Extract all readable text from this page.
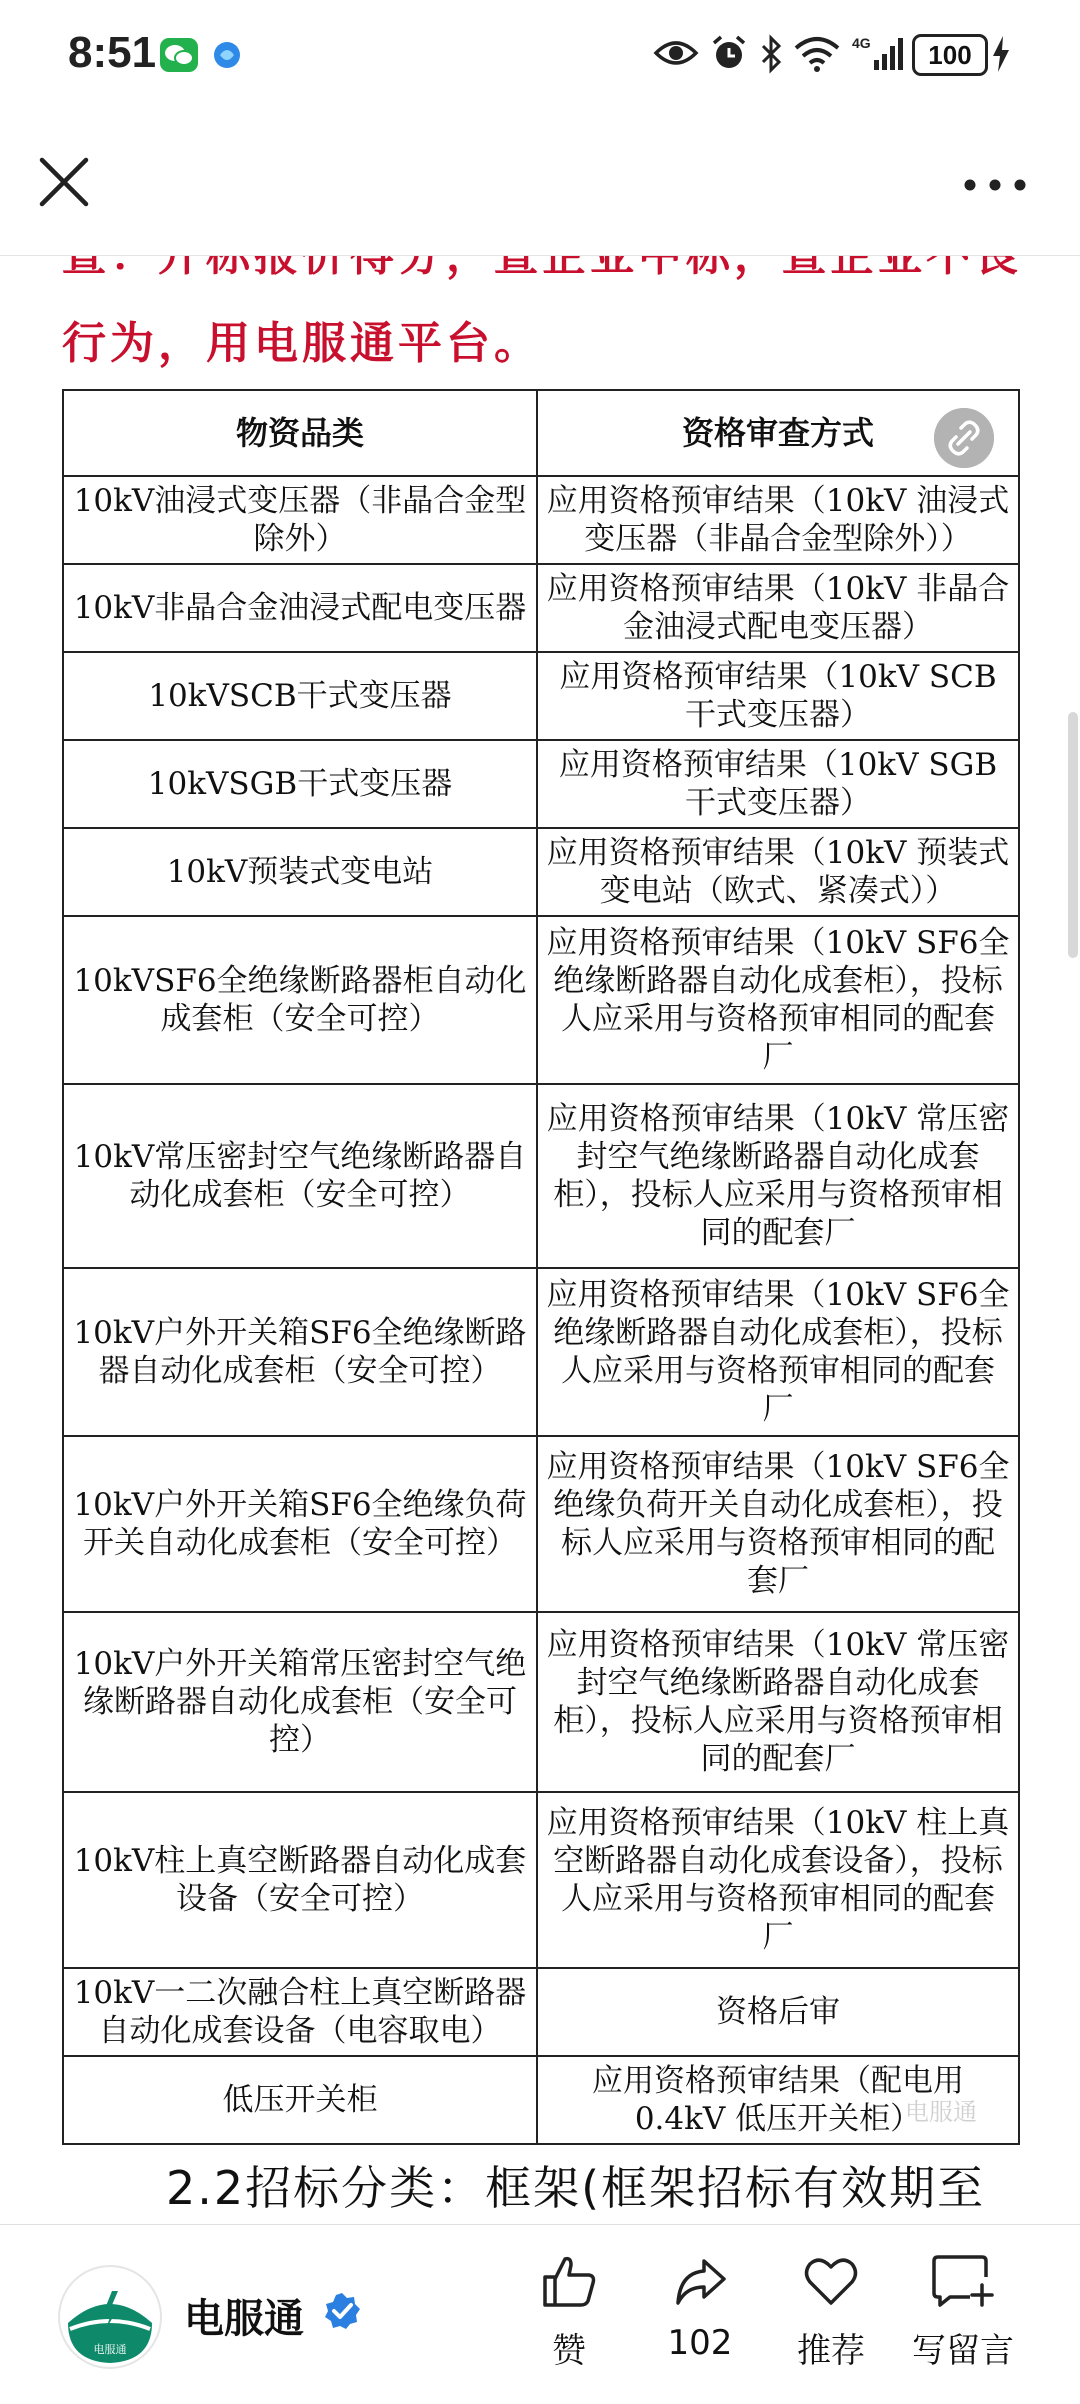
8:51	4G	100
行为，用电服通平台。
物资品类	资格审查方式
10kV油浸式变压器（非晶合金型除外）	应用资格预审结果（10kV 油浸式变压器（非晶合金型除外））
10kV非晶合金油浸式配电变压器	应用资格预审结果（10kV 非晶合金油浸式配电变压器）
10kVSCB干式变压器	应用资格预审结果（10kV SCB干式变压器）
10kVSGB干式变压器	应用资格预审结果（10kV SGB干式变压器）
10kV预装式变电站	应用资格预审结果（10kV 预装式变电站（欧式、紧凑式））
10kVSF6全绝缘断路器柜自动化成套柜（安全可控）	应用资格预审结果（10kV SF6全绝缘断路器自动化成套柜），投标人应采用与资格预审相同的配套厂
10kV常压密封空气绝缘断路器自动化成套柜（安全可控）	应用资格预审结果（10kV 常压密封空气绝缘断路器自动化成套柜），投标人应采用与资格预审相同的配套厂
10kV户外开关箱SF6全绝缘断路器自动化成套柜（安全可控）	应用资格预审结果（10kV SF6全绝缘断路器自动化成套柜），投标人应采用与资格预审相同的配套厂
10kV户外开关箱SF6全绝缘负荷开关自动化成套柜（安全可控）	应用资格预审结果（10kV SF6全绝缘负荷开关自动化成套柜），投标人应采用与资格预审相同的配套厂
10kV户外开关箱常压密封空气绝缘断路器自动化成套柜（安全可控）	应用资格预审结果（10kV 常压密封空气绝缘断路器自动化成套柜），投标人应采用与资格预审相同的配套厂
10kV柱上真空断路器自动化成套设备（安全可控）	应用资格预审结果（10kV 柱上真空断路器自动化成套设备），投标人应采用与资格预审相同的配套厂
10kV一二次融合柱上真空断路器自动化成套设备（电容取电）	资格后审
低压开关柜	应用资格预审结果（配电用 0.4kV 低压开关柜）
电服通
2.2招标分类：框架(框架招标有效期至
电服通
电服通
赞	102	推荐	写留言
